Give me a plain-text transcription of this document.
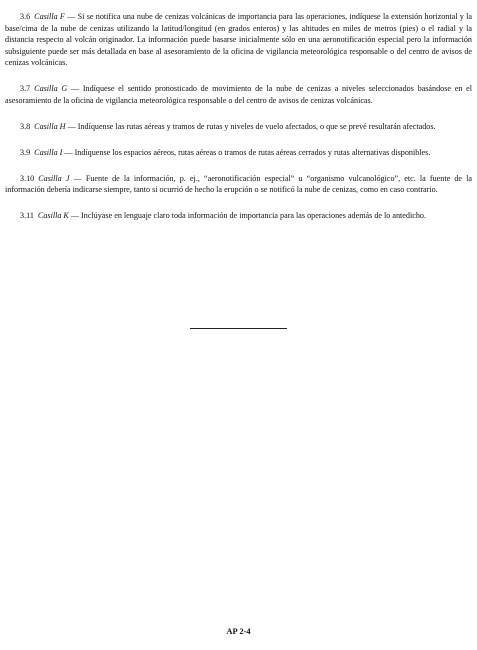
3.6 Casilla F — Si se notifica una nube de cenizas volcánicas de importancia para las operaciones, indíquese la extensión horizontal y la base/cima de la nube de cenizas utilizando la latitud/longitud (en grados enteros) y las altitudes en miles de metros (pies) o el radial y la distancia respecto al volcán originador. La información puede basarse inicialmente sólo en una aeronotificación especial pero la información subsiguiente puede ser más detallada en base al asesoramiento de la oficina de vigilancia meteorológica responsable o del centro de avisos de cenizas volcánicas.

3.7 Casilla G — Indíquese el sentido pronosticado de movimiento de la nube de cenizas a niveles seleccionados basándose en el asesoramiento de la oficina de vigilancia meteorológica responsable o del centro de avisos de cenizas volcánicas.

3.8 Casilla H — Indíquense las rutas aéreas y tramos de rutas y niveles de vuelo afectados, o que se prevé resultarán afectados.

3.9 Casilla I — Indíquense los espacios aéreos, rutas aéreas o tramos de rutas aéreas cerrados y rutas alternativas disponibles.

3.10 Casilla J — Fuente de la información, p. ej., “aeronotificación especial” u “organismo vulcanológico”, etc. la fuente de la información debería indicarse siempre, tanto si ocurrió de hecho la erupción o se notificó la nube de cenizas, como en caso contrario.

3.11 Casilla K — Inclúyase en lenguaje claro toda información de importancia para las operaciones además de lo antedicho.

AP 2-4
